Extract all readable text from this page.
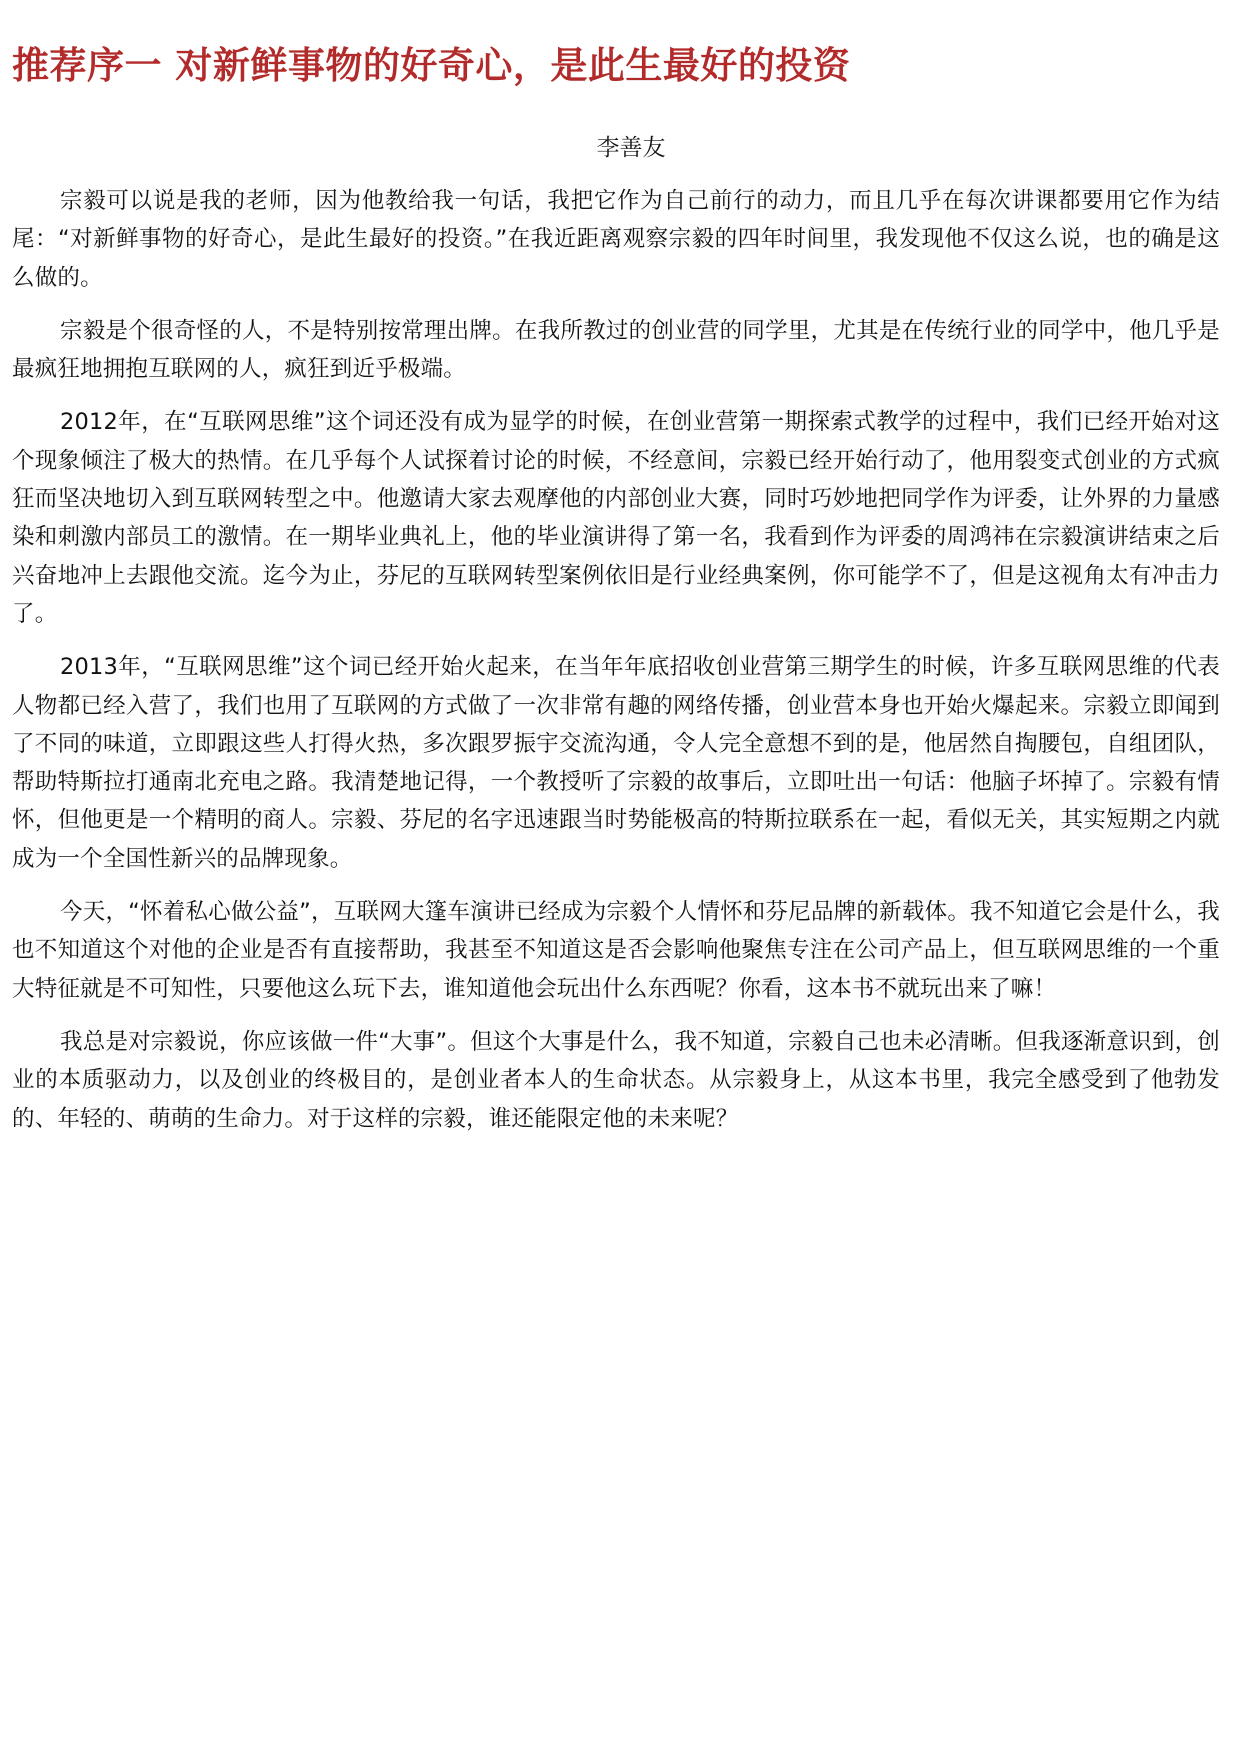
推荐序一 对新鲜事物的好奇心，是此生最好的投资
李善友

宗毅可以说是我的老师，因为他教给我一句话，我把它作为自己前行的动力，而且几乎在每次讲课都要用它作为结尾：“对新鲜事物的好奇心，是此生最好的投资。”在我近距离观察宗毅的四年时间里，我发现他不仅这么说，也的确是这么做的。

宗毅是个很奇怪的人，不是特别按常理出牌。在我所教过的创业营的同学里，尤其是在传统行业的同学中，他几乎是最疯狂地拥抱互联网的人，疯狂到近乎极端。

2012年，在“互联网思维”这个词还没有成为显学的时候，在创业营第一期探索式教学的过程中，我们已经开始对这个现象倾注了极大的热情。在几乎每个人试探着讨论的时候，不经意间，宗毅已经开始行动了，他用裂变式创业的方式疯狂而坚决地切入到互联网转型之中。他邀请大家去观摩他的内部创业大赛，同时巧妙地把同学作为评委，让外界的力量感染和刺激内部员工的激情。在一期毕业典礼上，他的毕业演讲得了第一名，我看到作为评委的周鸿祎在宗毅演讲结束之后兴奋地冲上去跟他交流。迄今为止，芬尼的互联网转型案例依旧是行业经典案例，你可能学不了，但是这视角太有冲击力了。

2013年，“互联网思维”这个词已经开始火起来，在当年年底招收创业营第三期学生的时候，许多互联网思维的代表人物都已经入营了，我们也用了互联网的方式做了一次非常有趣的网络传播，创业营本身也开始火爆起来。宗毅立即闻到了不同的味道，立即跟这些人打得火热，多次跟罗振宇交流沟通，令人完全意想不到的是，他居然自掏腰包，自组团队，帮助特斯拉打通南北充电之路。我清楚地记得，一个教授听了宗毅的故事后，立即吐出一句话：他脑子坏掉了。宗毅有情怀，但他更是一个精明的商人。宗毅、芬尼的名字迅速跟当时势能极高的特斯拉联系在一起，看似无关，其实短期之内就成为一个全国性新兴的品牌现象。

今天，“怀着私心做公益”，互联网大篷车演讲已经成为宗毅个人情怀和芬尼品牌的新载体。我不知道它会是什么，我也不知道这个对他的企业是否有直接帮助，我甚至不知道这是否会影响他聚焦专注在公司产品上，但互联网思维的一个重大特征就是不可知性，只要他这么玩下去，谁知道他会玩出什么东西呢？你看，这本书不就玩出来了嘛！

我总是对宗毅说，你应该做一件“大事”。但这个大事是什么，我不知道，宗毅自己也未必清晰。但我逐渐意识到，创业的本质驱动力，以及创业的终极目的，是创业者本人的生命状态。从宗毅身上，从这本书里，我完全感受到了他勃发的、年轻的、萌萌的生命力。对于这样的宗毅，谁还能限定他的未来呢？
